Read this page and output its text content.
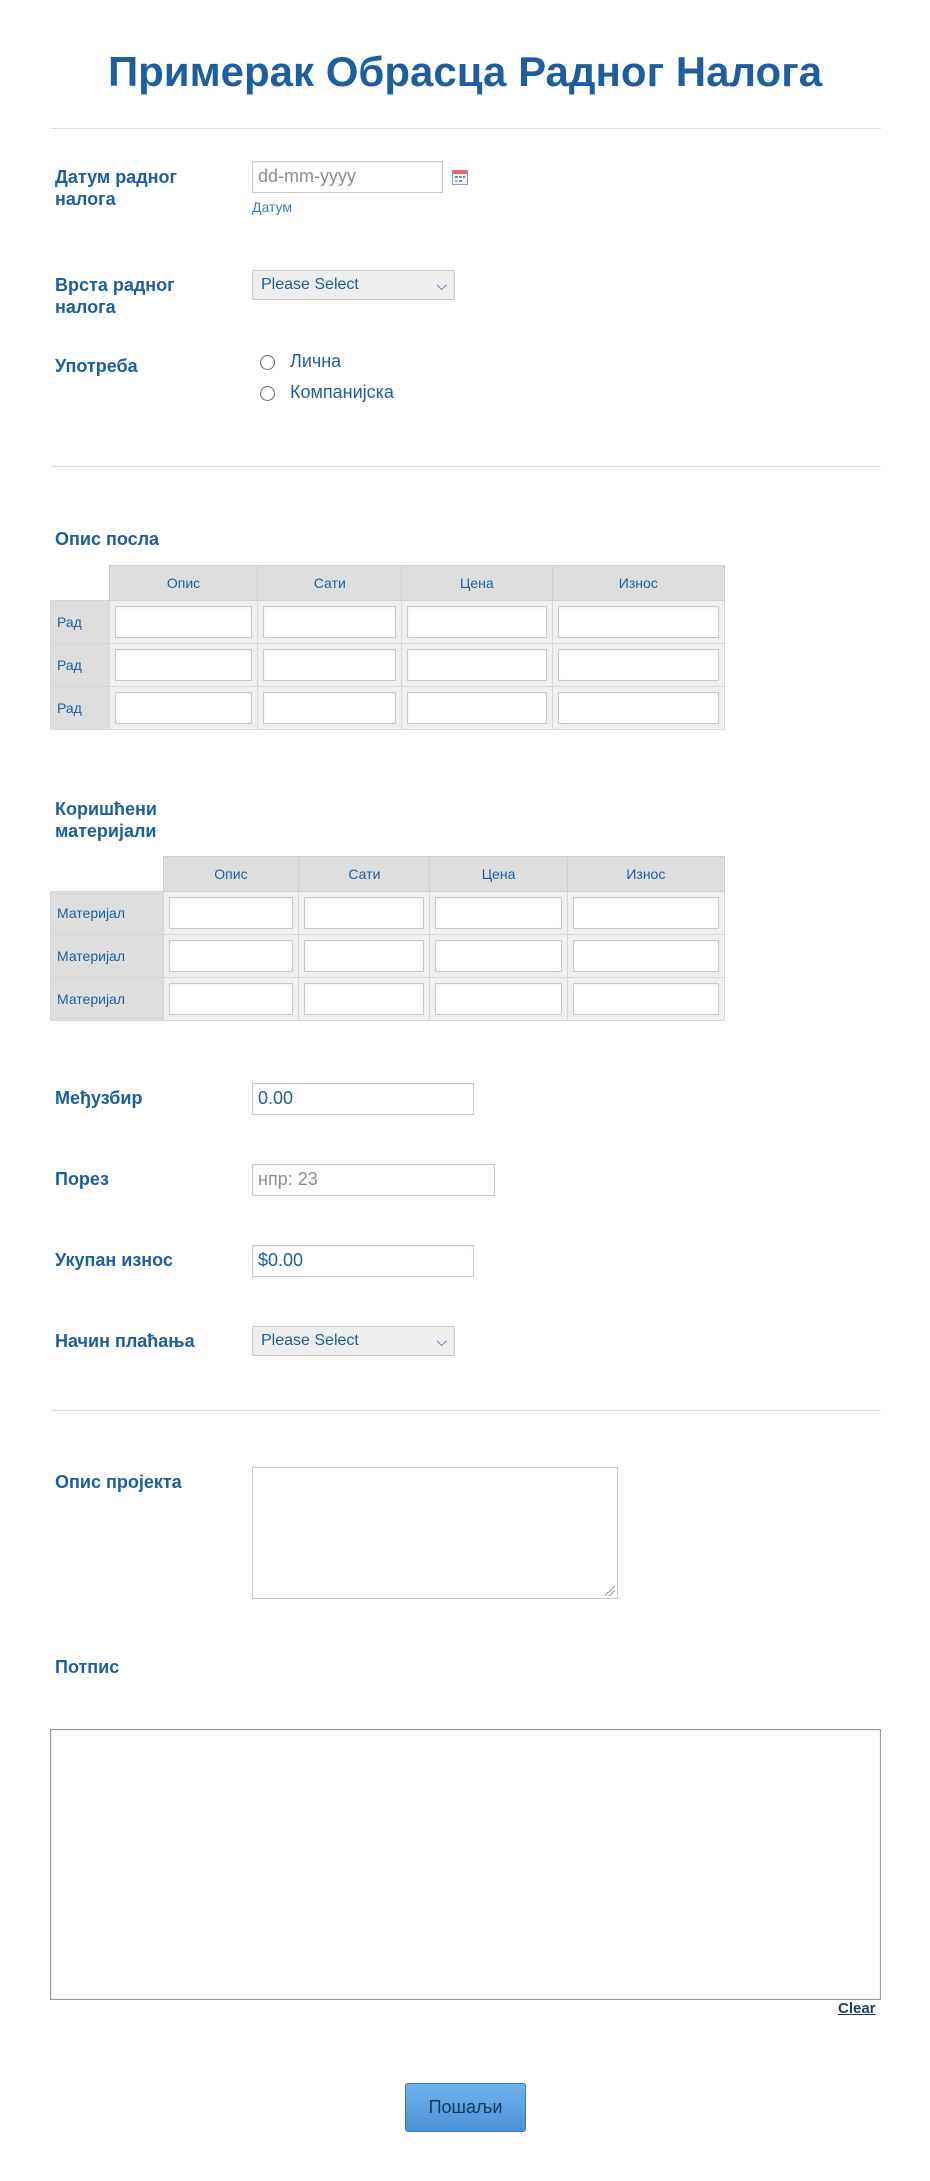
Примерак Обрасца Радног Налога
Датум радног налога
dd-mm-yyyy
Датум
Врста радног налога
Please Select	⌵
Употреба	Лична
Компанијска
Опис посла
	Опис	Сати	Цена	Износ
Рад	

Рад	

Рад	

Коришћени материјали
	Опис	Сати	Цена	Износ
Материјал	

Материјал	

Материјал	

Међузбир	0.00
Порез	нпр: 23
Укупан износ	$0.00
Начин плаћања	Please Select	⌵
Опис пројекта
Потпис
Clear
Пошаљи
